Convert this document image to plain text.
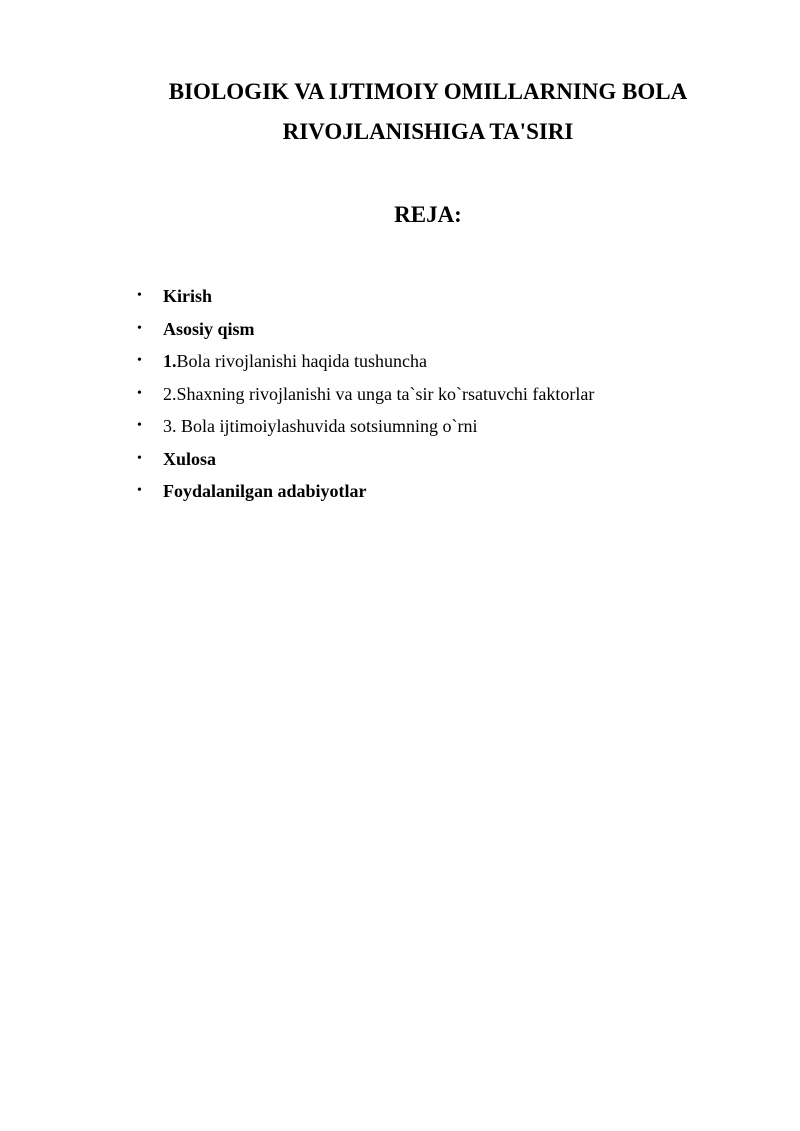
BIOLOGIK VA IJTIMOIY OMILLARNING BOLA
RIVOJLANISHIGA TA'SIRI
REJA:
• Kirish
• Asosiy qism
• 1.Bola rivojlanishi haqida tushuncha
• 2.Shaxning rivojlanishi va unga ta`sir ko`rsatuvchi faktorlar
• 3. Bola ijtimoiylashuvida sotsiumning o`rni
• Xulosa
• Foydalanilgan adabiyotlar
